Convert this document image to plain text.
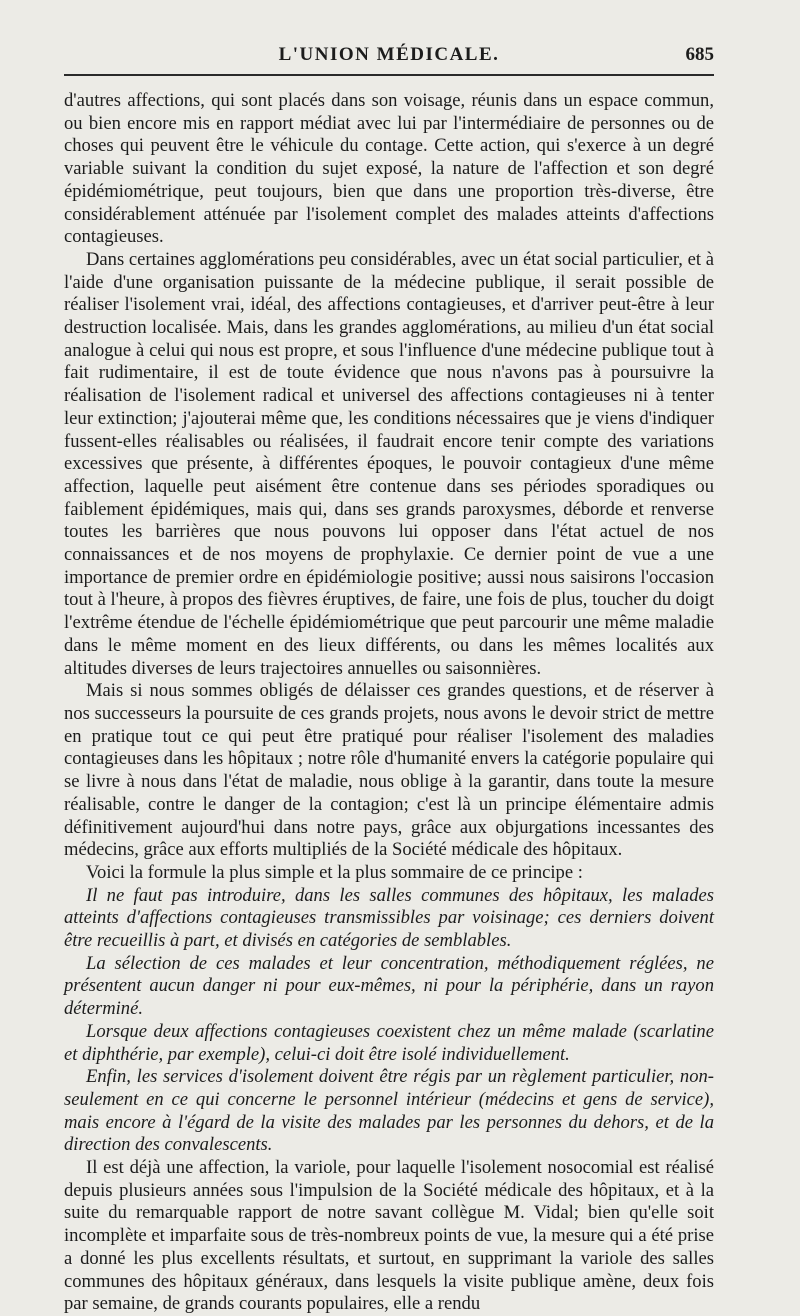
L'UNION MÉDICALE.	685

d'autres affections, qui sont placés dans son voisage, réunis dans un espace commun, ou bien encore mis en rapport médiat avec lui par l'intermédiaire de personnes ou de choses qui peuvent être le véhicule du contage. Cette action, qui s'exerce à un degré variable suivant la condition du sujet exposé, la nature de l'affection et son degré épidémiométrique, peut toujours, bien que dans une proportion très-diverse, être considérablement atténuée par l'isolement complet des malades atteints d'affections contagieuses.

Dans certaines agglomérations peu considérables, avec un état social particulier, et à l'aide d'une organisation puissante de la médecine publique, il serait possible de réaliser l'isolement vrai, idéal, des affections contagieuses, et d'arriver peut-être à leur destruction localisée. Mais, dans les grandes agglomérations, au milieu d'un état social analogue à celui qui nous est propre, et sous l'influence d'une médecine publique tout à fait rudimentaire, il est de toute évidence que nous n'avons pas à poursuivre la réalisation de l'isolement radical et universel des affections contagieuses ni à tenter leur extinction; j'ajouterai même que, les conditions nécessaires que je viens d'indiquer fussent-elles réalisables ou réalisées, il faudrait encore tenir compte des variations excessives que présente, à différentes époques, le pouvoir contagieux d'une même affection, laquelle peut aisément être contenue dans ses périodes sporadiques ou faiblement épidémiques, mais qui, dans ses grands paroxysmes, déborde et renverse toutes les barrières que nous pouvons lui opposer dans l'état actuel de nos connaissances et de nos moyens de prophylaxie. Ce dernier point de vue a une importance de premier ordre en épidémiologie positive; aussi nous saisirons l'occasion tout à l'heure, à propos des fièvres éruptives, de faire, une fois de plus, toucher du doigt l'extrême étendue de l'échelle épidémiométrique que peut parcourir une même maladie dans le même moment en des lieux différents, ou dans les mêmes localités aux altitudes diverses de leurs trajectoires annuelles ou saisonnières.

Mais si nous sommes obligés de délaisser ces grandes questions, et de réserver à nos successeurs la poursuite de ces grands projets, nous avons le devoir strict de mettre en pratique tout ce qui peut être pratiqué pour réaliser l'isolement des maladies contagieuses dans les hôpitaux ; notre rôle d'humanité envers la catégorie populaire qui se livre à nous dans l'état de maladie, nous oblige à la garantir, dans toute la mesure réalisable, contre le danger de la contagion; c'est là un principe élémentaire admis définitivement aujourd'hui dans notre pays, grâce aux objurgations incessantes des médecins, grâce aux efforts multipliés de la Société médicale des hôpitaux.

Voici la formule la plus simple et la plus sommaire de ce principe :

Il ne faut pas introduire, dans les salles communes des hôpitaux, les malades atteints d'affections contagieuses transmissibles par voisinage; ces derniers doivent être recueillis à part, et divisés en catégories de semblables.

La sélection de ces malades et leur concentration, méthodiquement réglées, ne présentent aucun danger ni pour eux-mêmes, ni pour la périphérie, dans un rayon déterminé.

Lorsque deux affections contagieuses coexistent chez un même malade (scarlatine et diphthérie, par exemple), celui-ci doit être isolé individuellement.

Enfin, les services d'isolement doivent être régis par un règlement particulier, non-seulement en ce qui concerne le personnel intérieur (médecins et gens de service), mais encore à l'égard de la visite des malades par les personnes du dehors, et de la direction des convalescents.

Il est déjà une affection, la variole, pour laquelle l'isolement nosocomial est réalisé depuis plusieurs années sous l'impulsion de la Société médicale des hôpitaux, et à la suite du remarquable rapport de notre savant collègue M. Vidal; bien qu'elle soit incomplète et imparfaite sous de très-nombreux points de vue, la mesure qui a été prise a donné les plus excellents résultats, et surtout, en supprimant la variole des salles communes des hôpitaux généraux, dans lesquels la visite publique amène, deux fois par semaine, de grands courants populaires, elle a rendu
